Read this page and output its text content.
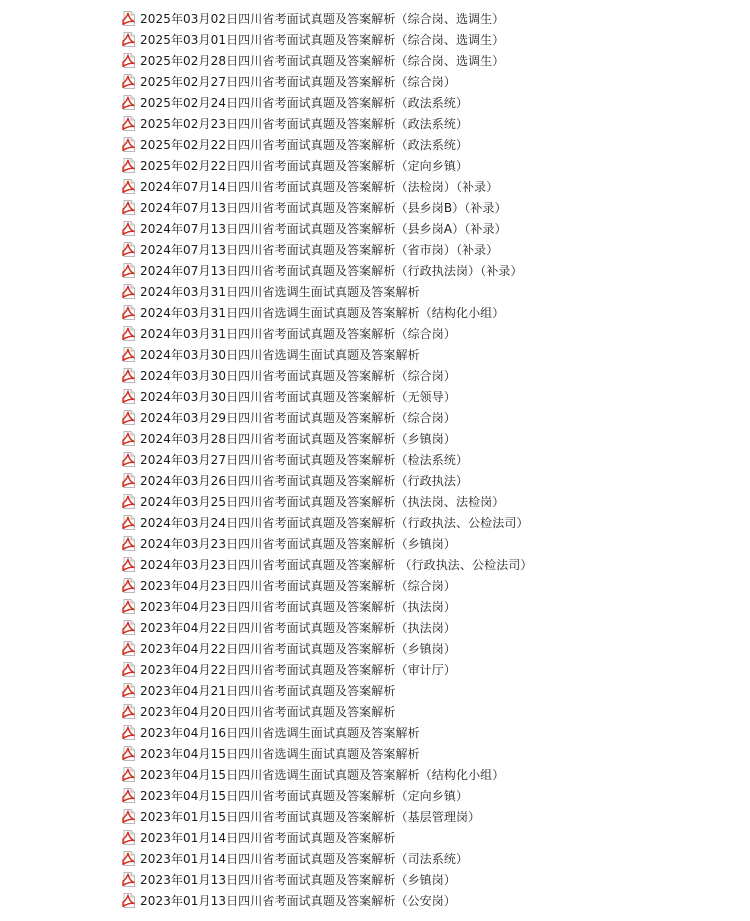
2025年03月02日四川省考面试真题及答案解析（综合岗、选调生）
2025年03月01日四川省考面试真题及答案解析（综合岗、选调生）
2025年02月28日四川省考面试真题及答案解析（综合岗、选调生）
2025年02月27日四川省考面试真题及答案解析（综合岗）
2025年02月24日四川省考面试真题及答案解析（政法系统）
2025年02月23日四川省考面试真题及答案解析（政法系统）
2025年02月22日四川省考面试真题及答案解析（政法系统）
2025年02月22日四川省考面试真题及答案解析（定向乡镇）
2024年07月14日四川省考面试真题及答案解析（法检岗）（补录）
2024年07月13日四川省考面试真题及答案解析（县乡岗B）（补录）
2024年07月13日四川省考面试真题及答案解析（县乡岗A）（补录）
2024年07月13日四川省考面试真题及答案解析（省市岗）（补录）
2024年07月13日四川省考面试真题及答案解析（行政执法岗）（补录）
2024年03月31日四川省选调生面试真题及答案解析
2024年03月31日四川省选调生面试真题及答案解析（结构化小组）
2024年03月31日四川省考面试真题及答案解析（综合岗）
2024年03月30日四川省选调生面试真题及答案解析
2024年03月30日四川省考面试真题及答案解析（综合岗）
2024年03月30日四川省考面试真题及答案解析（无领导）
2024年03月29日四川省考面试真题及答案解析（综合岗）
2024年03月28日四川省考面试真题及答案解析（乡镇岗）
2024年03月27日四川省考面试真题及答案解析（检法系统）
2024年03月26日四川省考面试真题及答案解析（行政执法）
2024年03月25日四川省考面试真题及答案解析（执法岗、法检岗）
2024年03月24日四川省考面试真题及答案解析（行政执法、公检法司）
2024年03月23日四川省考面试真题及答案解析（乡镇岗）
2024年03月23日四川省考面试真题及答案解析 （行政执法、公检法司）
2023年04月23日四川省考面试真题及答案解析（综合岗）
2023年04月23日四川省考面试真题及答案解析（执法岗）
2023年04月22日四川省考面试真题及答案解析（执法岗）
2023年04月22日四川省考面试真题及答案解析（乡镇岗）
2023年04月22日四川省考面试真题及答案解析（审计厅）
2023年04月21日四川省考面试真题及答案解析
2023年04月20日四川省考面试真题及答案解析
2023年04月16日四川省选调生面试真题及答案解析
2023年04月15日四川省选调生面试真题及答案解析
2023年04月15日四川省选调生面试真题及答案解析（结构化小组）
2023年04月15日四川省考面试真题及答案解析（定向乡镇）
2023年01月15日四川省考面试真题及答案解析（基层管理岗）
2023年01月14日四川省考面试真题及答案解析
2023年01月14日四川省考面试真题及答案解析（司法系统）
2023年01月13日四川省考面试真题及答案解析（乡镇岗）
2023年01月13日四川省考面试真题及答案解析（公安岗）
